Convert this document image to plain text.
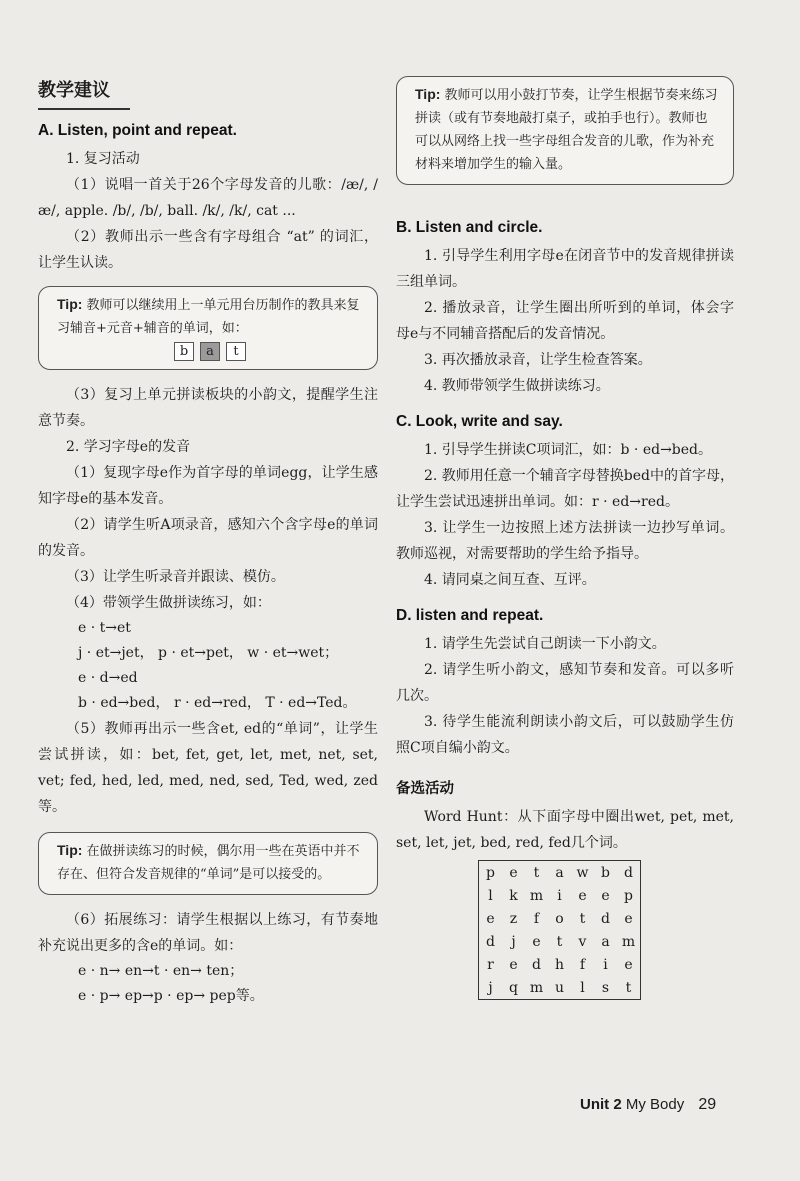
教学建议
A. Listen, point and repeat.

1. 复习活动

（1）说唱一首关于26个字母发音的儿歌：/æ/, /æ/, apple. /b/, /b/, ball. /k/, /k/, cat ...

（2）教师出示一些含有字母组合 “at” 的词汇，让学生认读。

Tip: 教师可以继续用上一单元用台历制作的教具来复习辅音+元音+辅音的单词，如：
b	a	t

（3）复习上单元拼读板块的小韵文，提醒学生注意节奏。

2. 学习字母e的发音

（1）复现字母e作为首字母的单词egg，让学生感知字母e的基本发音。

（2）请学生听A项录音，感知六个含字母e的单词的发音。

（3）让学生听录音并跟读、模仿。

（4）带领学生做拼读练习，如：

e · t→et

j · et→jet， p · et→pet， w · et→wet；

e · d→ed

b · ed→bed， r · ed→red， T · ed→Ted。

（5）教师再出示一些含et, ed的“单词”，让学生尝试拼读，如：bet, fet, get, let, met, net, set, vet; fed, hed, led, med, ned, sed, Ted, wed, zed等。

Tip: 在做拼读练习的时候，偶尔用一些在英语中并不存在、但符合发音规律的“单词”是可以接受的。

（6）拓展练习：请学生根据以上练习，有节奏地补充说出更多的含e的单词。如：

e · n→ en→t · en→ ten；

e · p→ ep→p · ep→ pep等。

Tip: 教师可以用小鼓打节奏，让学生根据节奏来练习拼读（或有节奏地敲打桌子，或拍手也行）。教师也可以从网络上找一些字母组合发音的儿歌，作为补充材料来增加学生的输入量。
B. Listen and circle.

1. 引导学生利用字母e在闭音节中的发音规律拼读三组单词。

2. 播放录音，让学生圈出所听到的单词，体会字母e与不同辅音搭配后的发音情况。

3. 再次播放录音，让学生检查答案。

4. 教师带领学生做拼读练习。

C. Look, write and say.

1. 引导学生拼读C项词汇，如：b · ed→bed。

2. 教师用任意一个辅音字母替换bed中的首字母，让学生尝试迅速拼出单词。如：r · ed→red。

3. 让学生一边按照上述方法拼读一边抄写单词。教师巡视，对需要帮助的学生给予指导。

4. 请同桌之间互查、互评。

D. listen and repeat.

1. 请学生先尝试自己朗读一下小韵文。

2. 请学生听小韵文，感知节奏和发音。可以多听几次。

3. 待学生能流利朗读小韵文后，可以鼓励学生仿照C项自编小韵文。

备选活动

Word Hunt：从下面字母中圈出wet, pet, met, set, let, jet, bed, red, fed几个词。

p	e	t	a	w	b	d
l	k	m	i	e	e	p
e	z	f	o	t	d	e
d	j	e	t	v	a	m
r	e	d	h	f	i	e
j	q	m	u	l	s	t
Unit 2 My Body 29
